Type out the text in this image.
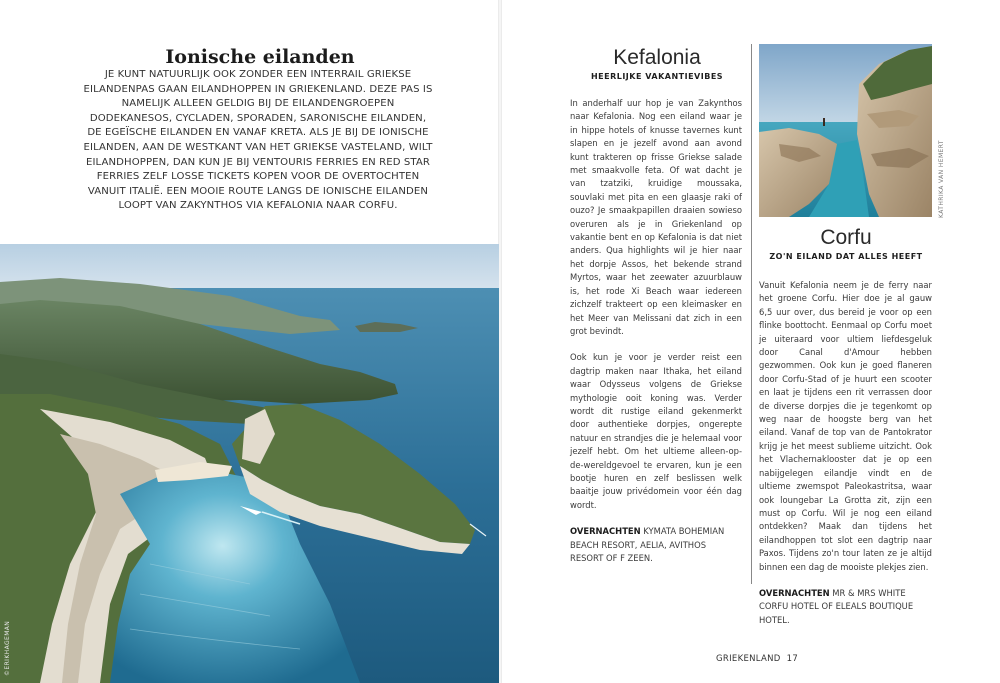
Ionische eilanden

JE KUNT NATUURLIJK OOK ZONDER EEN INTERRAIL GRIEKSE EILANDENPAS GAAN EILANDHOPPEN IN GRIEKENLAND. DEZE PAS IS NAMELIJK ALLEEN GELDIG BIJ DE EILANDENGROEPEN DODEKANESOS, CYCLADEN, SPORADEN, SARONISCHE EILANDEN, DE EGEÏSCHE EILANDEN EN VANAF KRETA. ALS JE BIJ DE IONISCHE EILANDEN, AAN DE WESTKANT VAN HET GRIEKSE VASTELAND, WILT EILANDHOPPEN, DAN KUN JE BIJ VENTOURIS FERRIES EN RED STAR FERRIES ZELF LOSSE TICKETS KOPEN VOOR DE OVERTOCHTEN VANUIT ITALIË. EEN MOOIE ROUTE LANGS DE IONISCHE EILANDEN LOOPT VAN ZAKYNTHOS VIA KEFALONIA NAAR CORFU.

©ERIKHAGEMAN
Kefalonia
HEERLIJKE VAKANTIEVIBES

In anderhalf uur hop je van Zakynthos naar Kefalonia. Nog een eiland waar je in hippe hotels of knusse tavernes kunt slapen en je jezelf avond aan avond kunt trakteren op frisse Griekse salade met smaakvolle feta. Of wat dacht je van tzatziki, kruidige moussaka, souvlaki met pita en een glaasje raki of ouzo? Je smaakpapillen draaien sowieso overuren als je in Griekenland op vakantie bent en op Kefalonia is dat niet anders. Qua highlights wil je hier naar het dorpje Assos, het bekende strand Myrtos, waar het zeewater azuurblauw is, het rode Xi Beach waar iedereen zichzelf trakteert op een kleimasker en het Meer van Melissani dat zich in een grot bevindt.

Ook kun je voor je verder reist een dagtrip maken naar Ithaka, het eiland waar Odysseus volgens de Griekse mythologie ooit koning was. Verder wordt dit rustige eiland gekenmerkt door authentieke dorpjes, ongerepte natuur en strandjes die je helemaal voor jezelf hebt. Om het ultieme alleen-op-de-wereldgevoel te ervaren, kun je een bootje huren en zelf beslissen welk baaitje jouw privédomein voor één dag wordt.

OVERNACHTEN KYMATA BOHEMIAN BEACH RESORT, AELIA, AVITHOS RESORT OF F ZEEN.

KATHRIKA VAN HEMERT
Corfu
ZO'N EILAND DAT ALLES HEEFT

Vanuit Kefalonia neem je de ferry naar het groene Corfu. Hier doe je al gauw 6,5 uur over, dus bereid je voor op een flinke boottocht. Eenmaal op Corfu moet je uiteraard voor ultiem liefdesgeluk door Canal d'Amour hebben gezwommen. Ook kun je goed flaneren door Corfu-Stad of je huurt een scooter en laat je tijdens een rit verrassen door de diverse dorpjes die je tegenkomt op weg naar de hoogste berg van het eiland. Vanaf de top van de Pantokrator krijg je het meest sublieme uitzicht. Ook het Vlachernaklooster dat je op een nabijgelegen eilandje vindt en de ultieme zwemspot Paleokastritsa, waar ook loungebar La Grotta zit, zijn een must op Corfu. Wil je nog een eiland ontdekken? Maak dan tijdens het eilandhoppen tot slot een dagtrip naar Paxos. Tijdens zo'n tour laten ze je altijd binnen een dag de mooiste plekjes zien.

OVERNACHTEN MR & MRS WHITE CORFU HOTEL OF ELEALS BOUTIQUE HOTEL.

GRIEKENLAND 17
